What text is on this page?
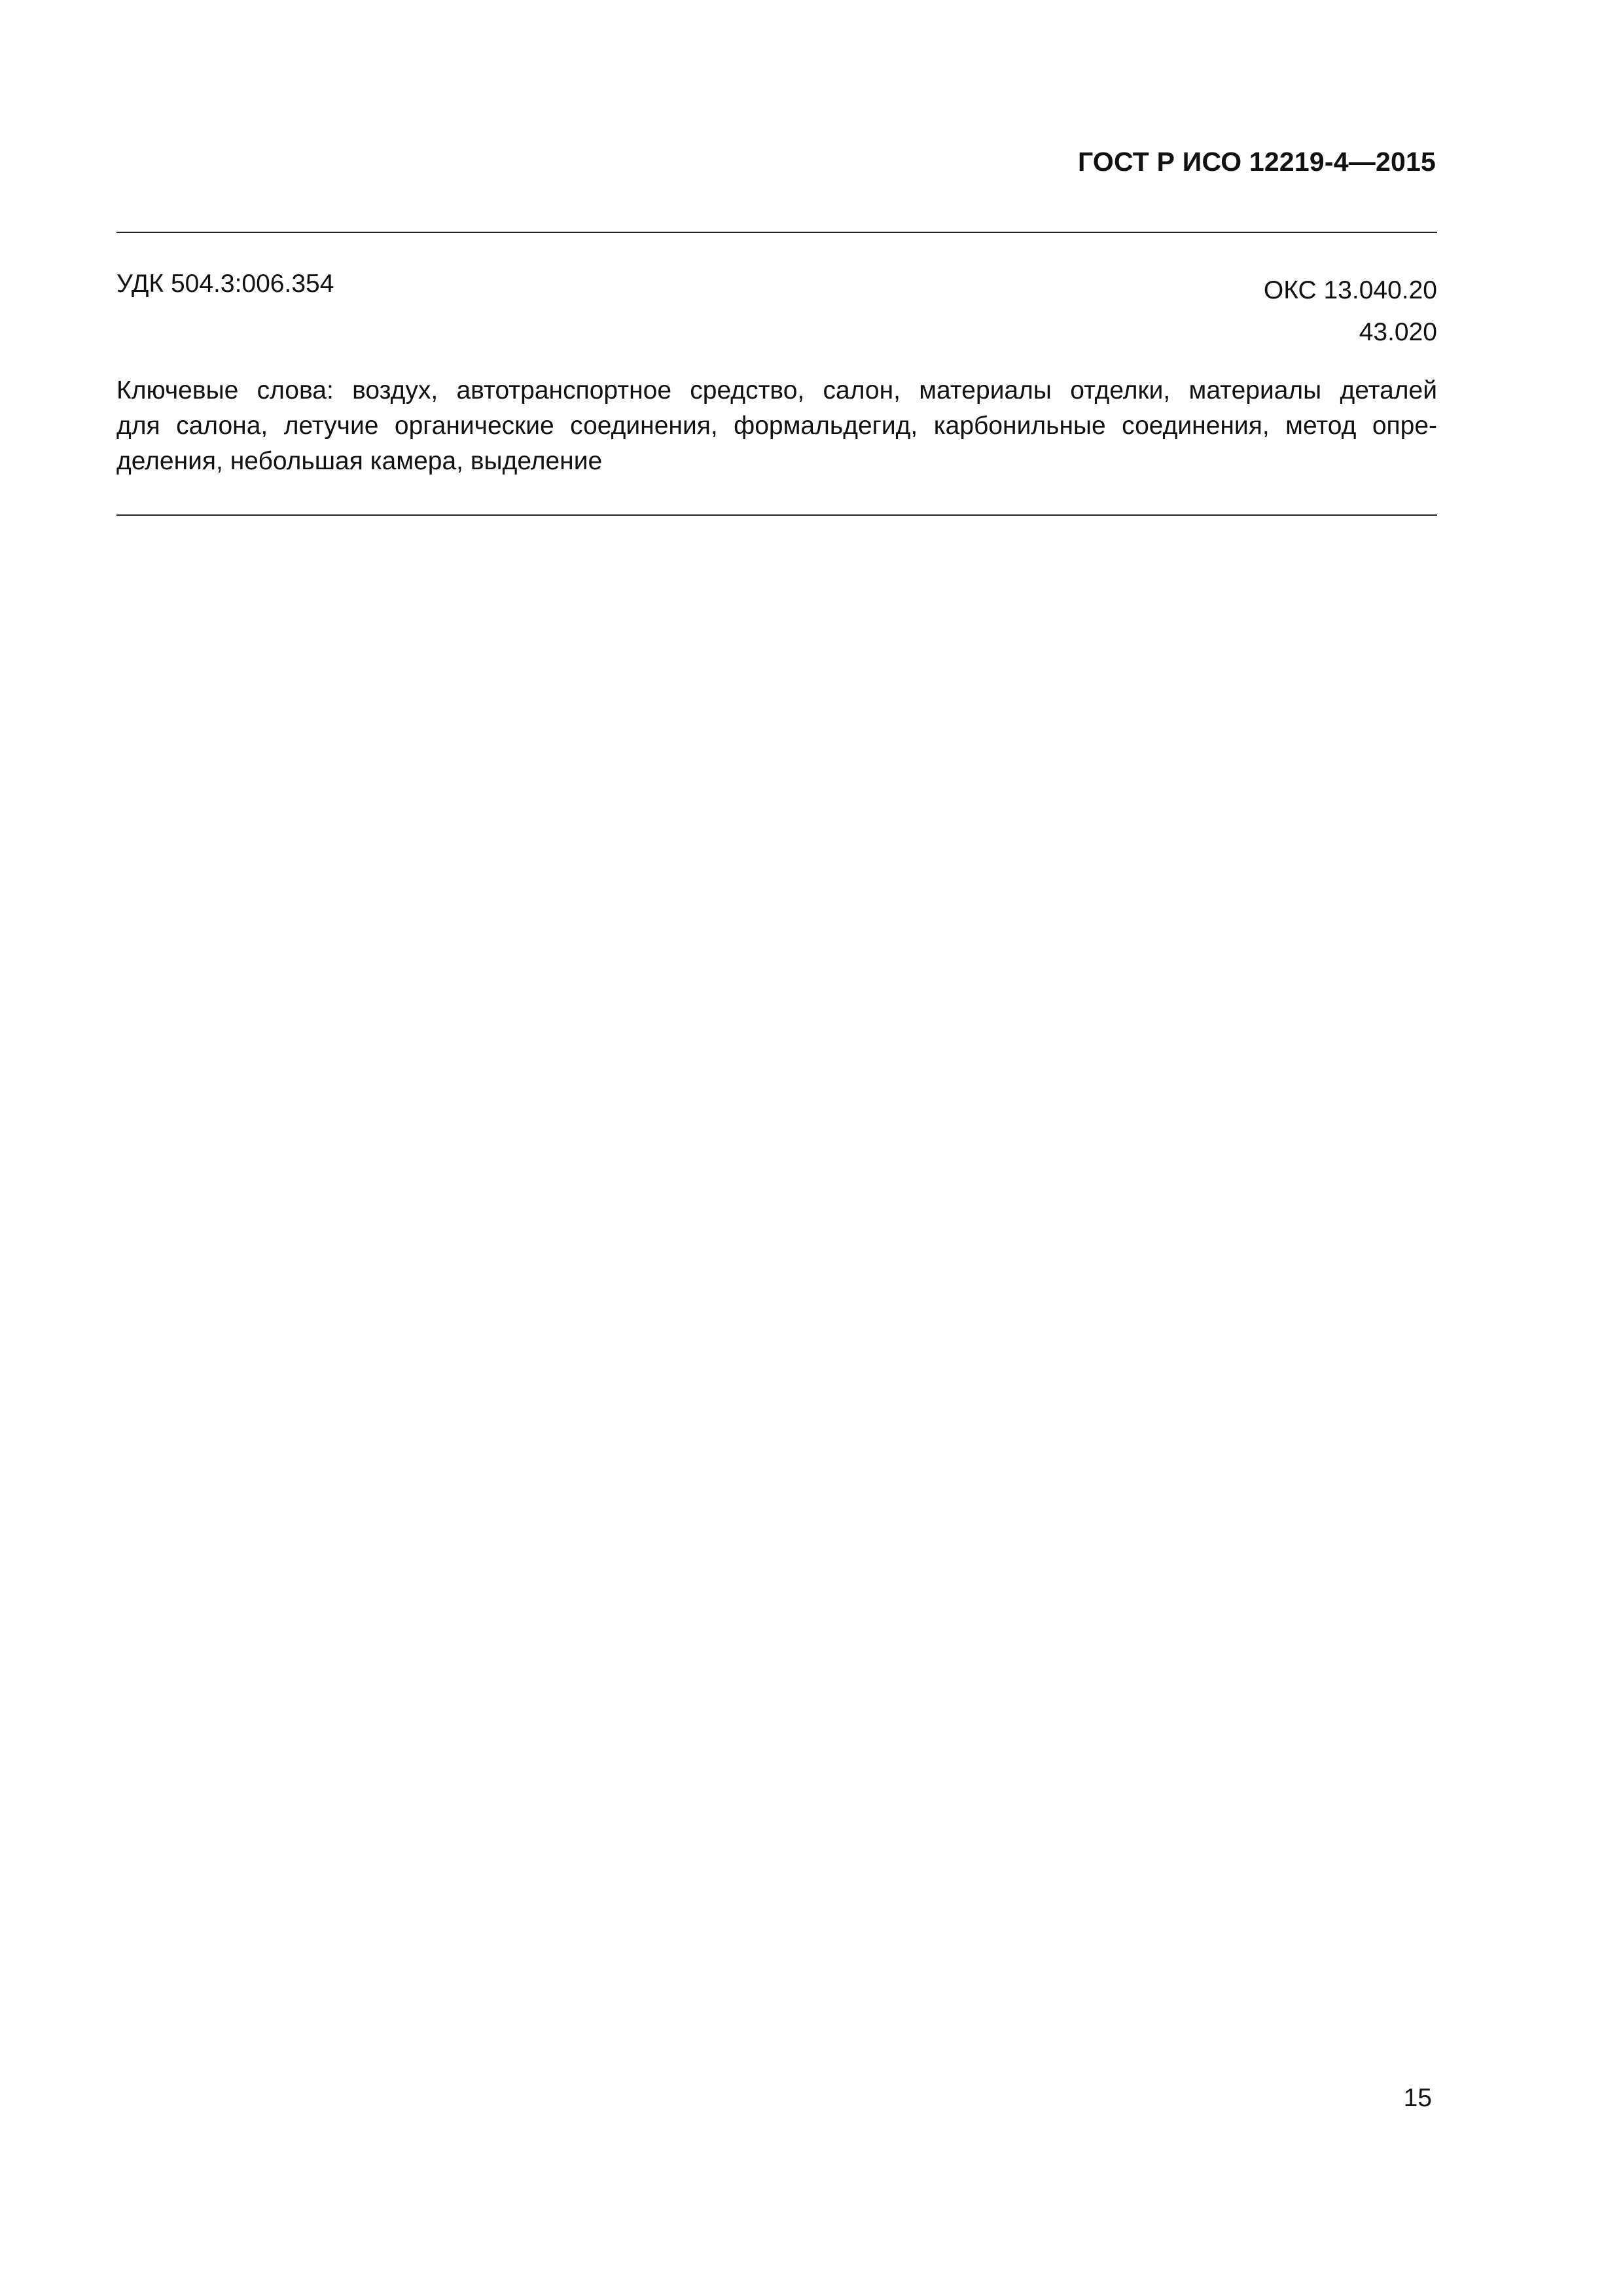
ГОСТ Р ИСО 12219-4—2015
УДК 504.3:006.354	ОКС 13.040.20
43.020
Ключевые слова: воздух, автотранспортное средство, салон, материалы отделки, материалы деталей
для салона, летучие органические соединения, формальдегид, карбонильные соединения, метод опре-
деления, небольшая камера, выделение
15
